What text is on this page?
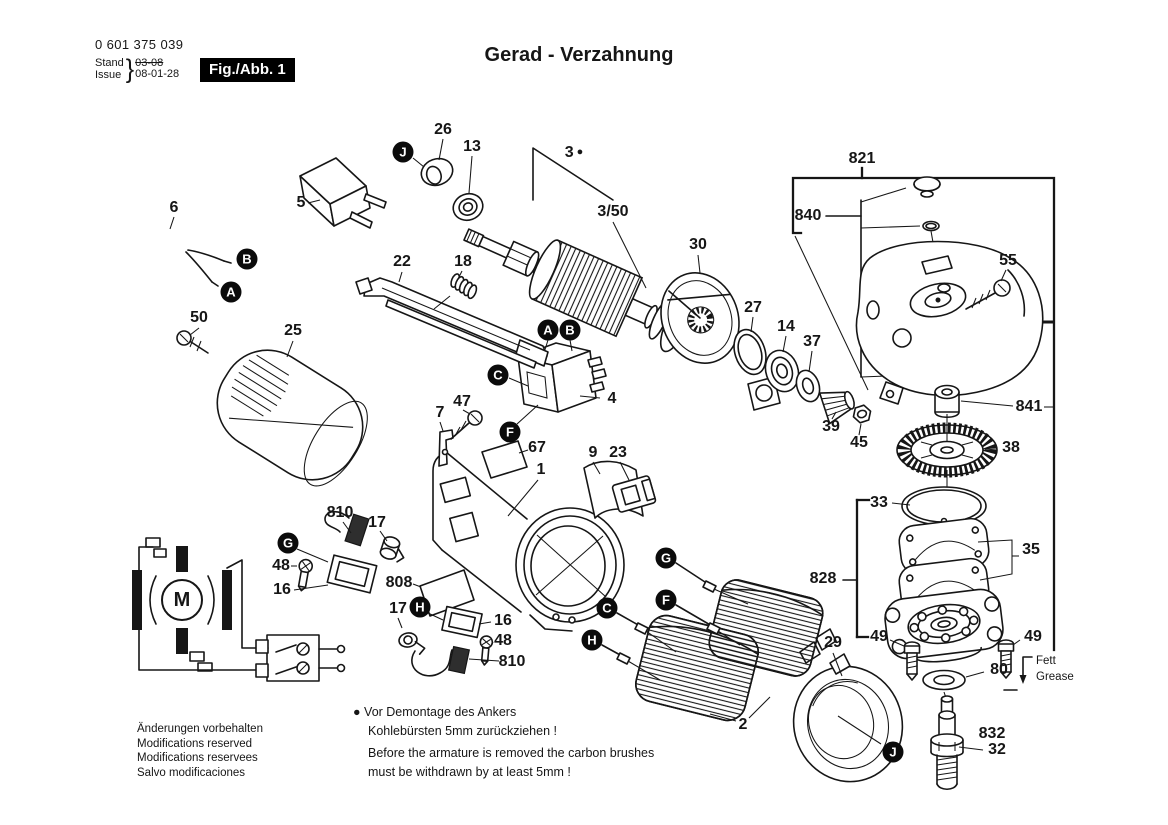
0 601 375 039
Stand
Issue } 03-08
08-01-28	Fig./Abb. 1
Gerad - Verzahnung
26
13	3 ●
3/50
821
840
55
5
6
22	18
30
27
14
37
50
25
4
39
45
841
7
47
67
1
9 23	38
33
35
810
17
48
16	808	828
17
16
48
810
29 49	49
80
2
832
32
J
B
A
A B
C
F
G
G
F
C
H
H
J
M
Änderungen vorbehalten
Modifications reserved
Modifications reservees
Salvo modificaciones
● Vor Demontage des Ankers
Kohlebürsten 5mm zurückziehen !
Before the armature is removed the carbon brushes
must be withdrawn by at least 5mm !
Fett
Grease
